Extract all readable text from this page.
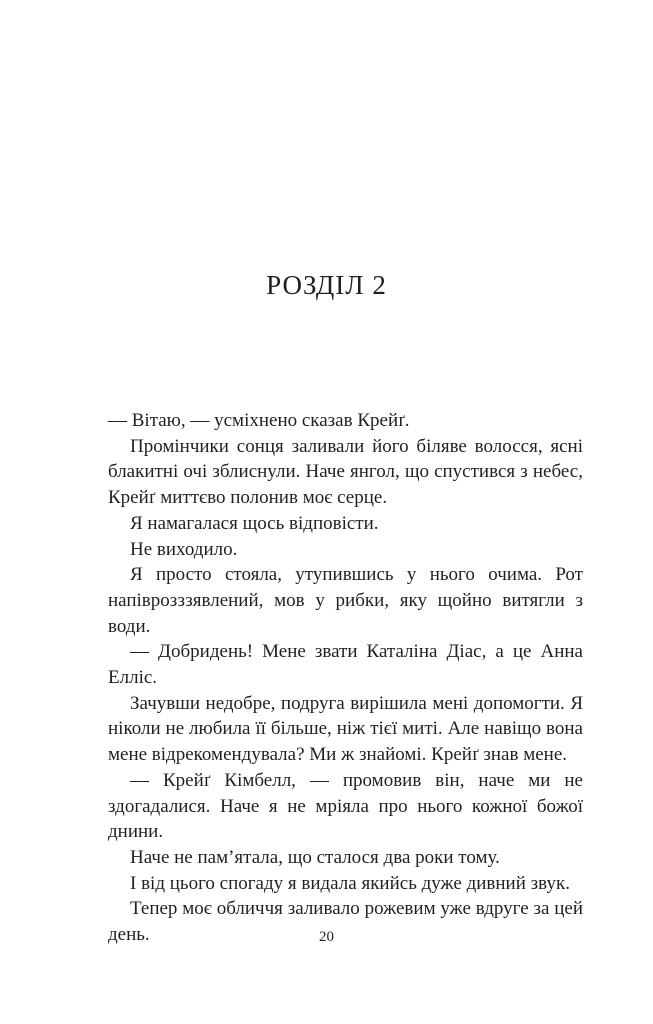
РОЗДІЛ 2

— Вітаю, — усміхнено сказав Крейґ.

Промінчики сонця заливали його біляве волосся, ясні блакитні очі зблиснули. Наче янгол, що спустився з небес, Крейґ миттєво полонив моє серце.

Я намагалася щось відповісти.

Не виходило.

Я просто стояла, утупившись у нього очима. Рот напіврозззявлений, мов у рибки, яку щойно витягли з води.

— Добридень! Мене звати Каталіна Діас, а це Анна Елліс.

Зачувши недобре, подруга вирішила мені допомогти. Я ніколи не любила її більше, ніж тієї миті. Але навіщо вона мене відрекомендувала? Ми ж знайомі. Крейґ знав мене.

— Крейґ Кімбелл, — промовив він, наче ми не здогадалися. Наче я не мріяла про нього кожної божої днини.

Наче не пам’ятала, що сталося два роки тому.

І від цього спогаду я видала якийсь дуже дивний звук.

Тепер моє обличчя заливало рожевим уже вдруге за цей день.	20
